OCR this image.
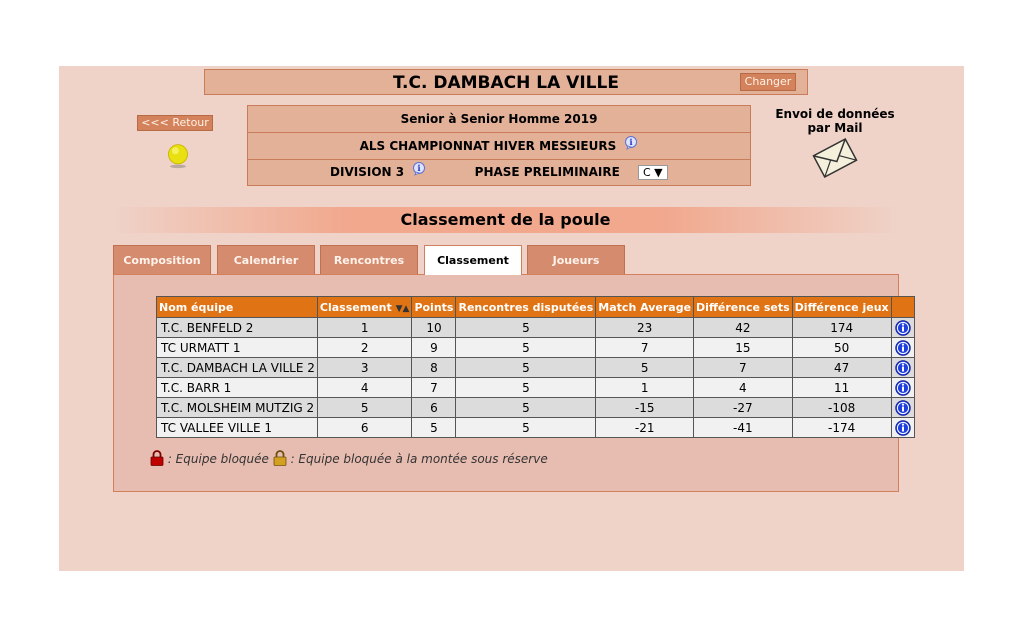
T.C. DAMBACH LA VILLE	Changer
<<< Retour	Senior à Senior Homme 2019
ALS CHAMPIONNAT HIVER MESSIEURS i
DIVISION 3 i	PHASE PRELIMINAIRE C ▼
Envoi de données
par Mail
Classement de la poule
Composition	Calendrier	Rencontres	Classement	Joueurs
Nom équipe	Classement ▼▲	Points	Rencontres disputées	Match Average	Différence sets	Différence jeux	
T.C. BENFELD 2	1	10	5	23	42	174	
TC URMATT 1	2	9	5	7	15	50	
T.C. DAMBACH LA VILLE 2	3	8	5	5	7	47	
T.C. BARR 1	4	7	5	1	4	11	
T.C. MOLSHEIM MUTZIG 2	5	6	5	-15	-27	-108	
TC VALLEE VILLE 1	6	5	5	-21	-41	-174	
: Equipe bloquée : Equipe bloquée à la montée sous réserve
